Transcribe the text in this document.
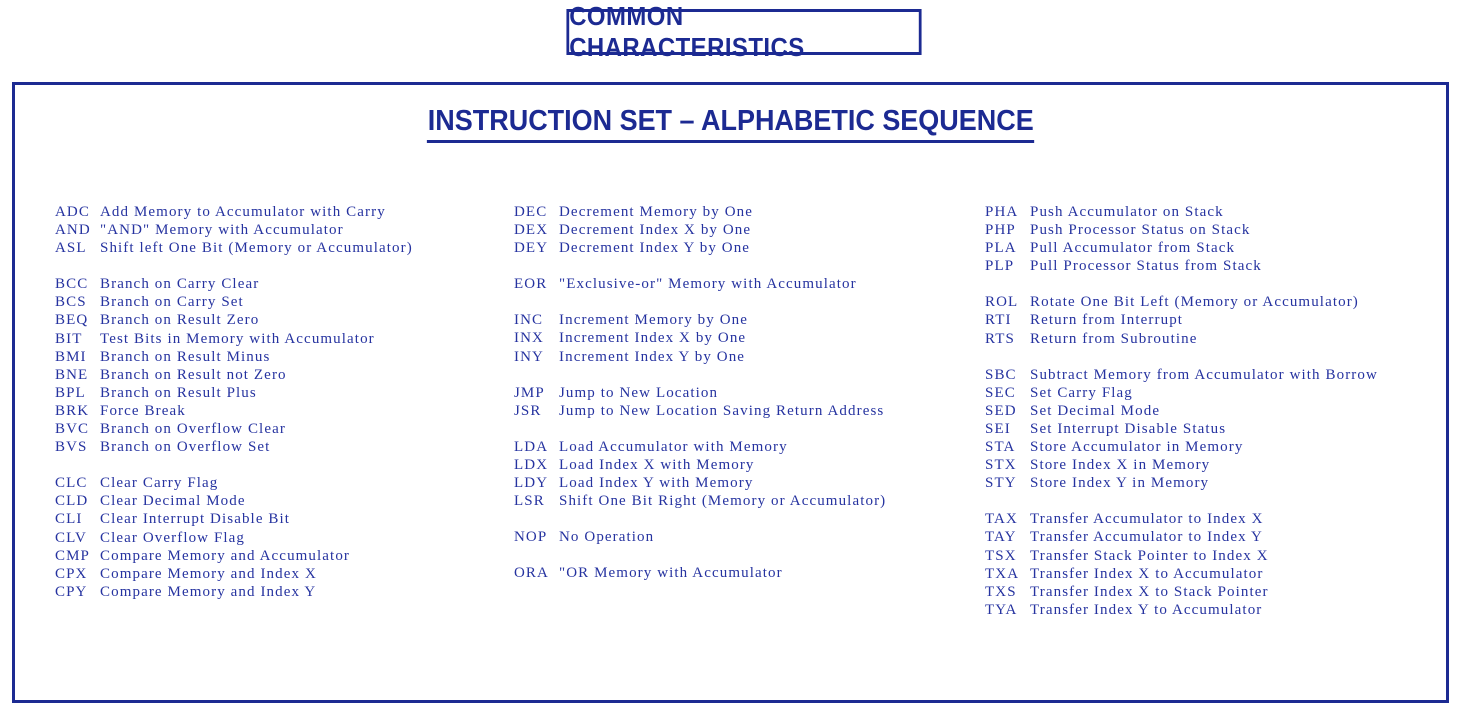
COMMON CHARACTERISTICS
INSTRUCTION SET – ALPHABETIC SEQUENCE
ADC Add Memory to Accumulator with Carry
AND "AND" Memory with Accumulator
ASL Shift left One Bit (Memory or Accumulator)
BCC Branch on Carry Clear
BCS Branch on Carry Set
BEQ Branch on Result Zero
BIT	Test Bits in Memory with Accumulator
BMI Branch on Result Minus
BNE Branch on Result not Zero
BPL Branch on Result Plus
BRK Force Break
BVC Branch on Overflow Clear
BVS Branch on Overflow Set
CLC Clear Carry Flag
CLD Clear Decimal Mode
CLI	Clear Interrupt Disable Bit
CLV Clear Overflow Flag
CMP Compare Memory and Accumulator
CPX Compare Memory and Index X
CPY Compare Memory and Index Y
DEC Decrement Memory by One
DEX Decrement Index X by One
DEY Decrement Index Y by One
EOR "Exclusive-or" Memory with Accumulator
INC	Increment Memory by One
INX	Increment Index X by One
INY	Increment Index Y by One
JMP Jump to New Location
JSR	Jump to New Location Saving Return Address
LDA Load Accumulator with Memory
LDX Load Index X with Memory
LDY Load Index Y with Memory
LSR Shift One Bit Right (Memory or Accumulator)
NOP No Operation
ORA "OR Memory with Accumulator
PHA Push Accumulator on Stack
PHP Push Processor Status on Stack
PLA Pull Accumulator from Stack
PLP	Pull Processor Status from Stack
ROL Rotate One Bit Left (Memory or Accumulator)
RTI	Return from Interrupt
RTS	Return from Subroutine
SBC Subtract Memory from Accumulator with Borrow
SEC Set Carry Flag
SED Set Decimal Mode
SEI	Set Interrupt Disable Status
STA Store Accumulator in Memory
STX Store Index X in Memory
STY Store Index Y in Memory
TAX Transfer Accumulator to Index X
TAY Transfer Accumulator to Index Y
TSX Transfer Stack Pointer to Index X
TXA Transfer Index X to Accumulator
TXS Transfer Index X to Stack Pointer
TYA Transfer Index Y to Accumulator
